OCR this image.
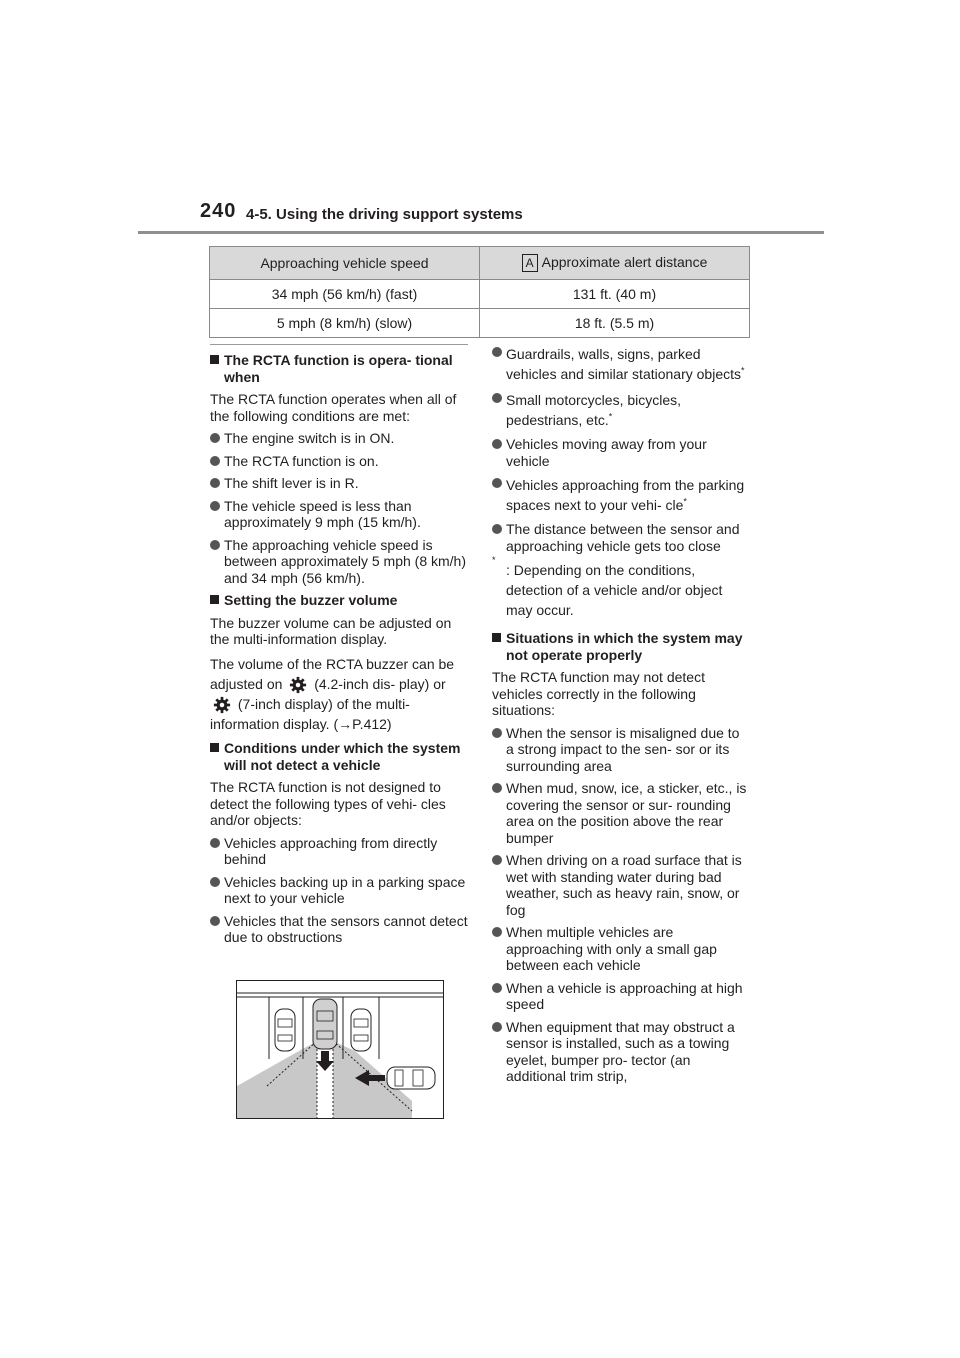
240 4-5. Using the driving support systems
Approaching vehicle speed	A Approximate alert distance
34 mph (56 km/h) (fast)	131 ft. (40 m)
5 mph (8 km/h) (slow)	18 ft. (5.5 m)
The RCTA function is opera- tional when

The RCTA function operates when all of the following conditions are met:

The engine switch is in ON.
The RCTA function is on.
The shift lever is in R.
The vehicle speed is less than approximately 9 mph (15 km/h).
The approaching vehicle speed is between approximately 5 mph (8 km/h) and 34 mph (56 km/h).
Setting the buzzer volume

The buzzer volume can be adjusted on the multi-information display.

The volume of the RCTA buzzer can be adjusted on (4.2-inch dis- play) or  (7-inch display) of the multi-information display. (→P.412)

Conditions under which the system will not detect a vehicle

The RCTA function is not designed to detect the following types of vehi- cles and/or objects:

Vehicles approaching from directly behind
Vehicles backing up in a parking space next to your vehicle
Vehicles that the sensors cannot detect due to obstructions
Guardrails, walls, signs, parked vehicles and similar stationary objects*
Small motorcycles, bicycles, pedestrians, etc.*
Vehicles moving away from your vehicle
Vehicles approaching from the parking spaces next to your vehi- cle*
The distance between the sensor and approaching vehicle gets too close
*
: Depending on the conditions, detection of a vehicle and/or object may occur.
Situations in which the system may not operate properly

The RCTA function may not detect vehicles correctly in the following situations:

When the sensor is misaligned due to a strong impact to the sen- sor or its surrounding area
When mud, snow, ice, a sticker, etc., is covering the sensor or sur- rounding area on the position above the rear bumper
When driving on a road surface that is wet with standing water during bad weather, such as heavy rain, snow, or fog
When multiple vehicles are approaching with only a small gap between each vehicle
When a vehicle is approaching at high speed
When equipment that may obstruct a sensor is installed, such as a towing eyelet, bumper pro- tector (an additional trim strip,
